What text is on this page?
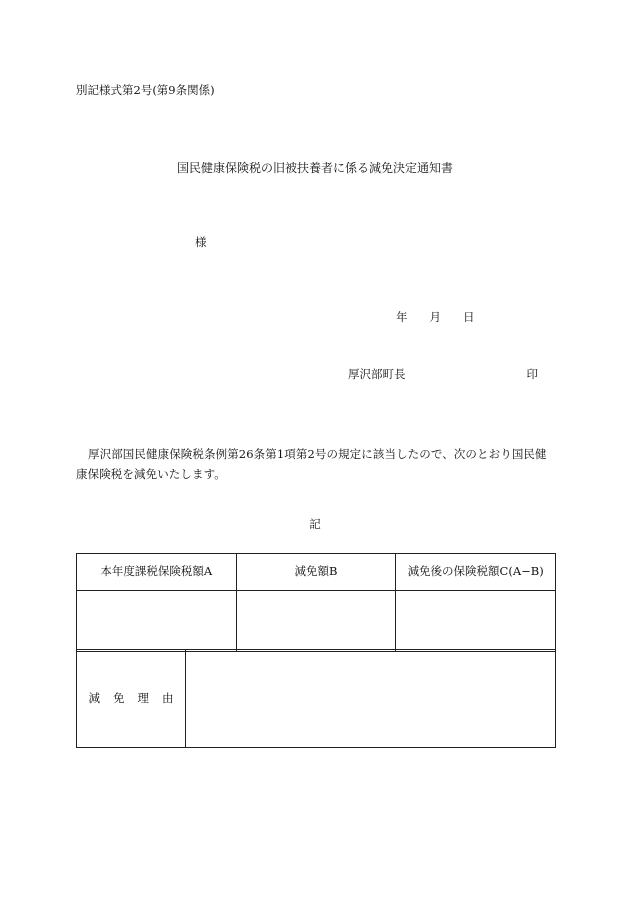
別記様式第2号(第9条関係)
国民健康保険税の旧被扶養者に係る減免決定通知書
様
年 月 日
厚沢部町長	印
厚沢部国民健康保険税条例第26条第1項第2号の規定に該当したので、次のとおり国民健康保険税を減免いたします。
記
本年度課税保険税額A	減免額B	減免後の保険税額C(A−B)

減免理由	
